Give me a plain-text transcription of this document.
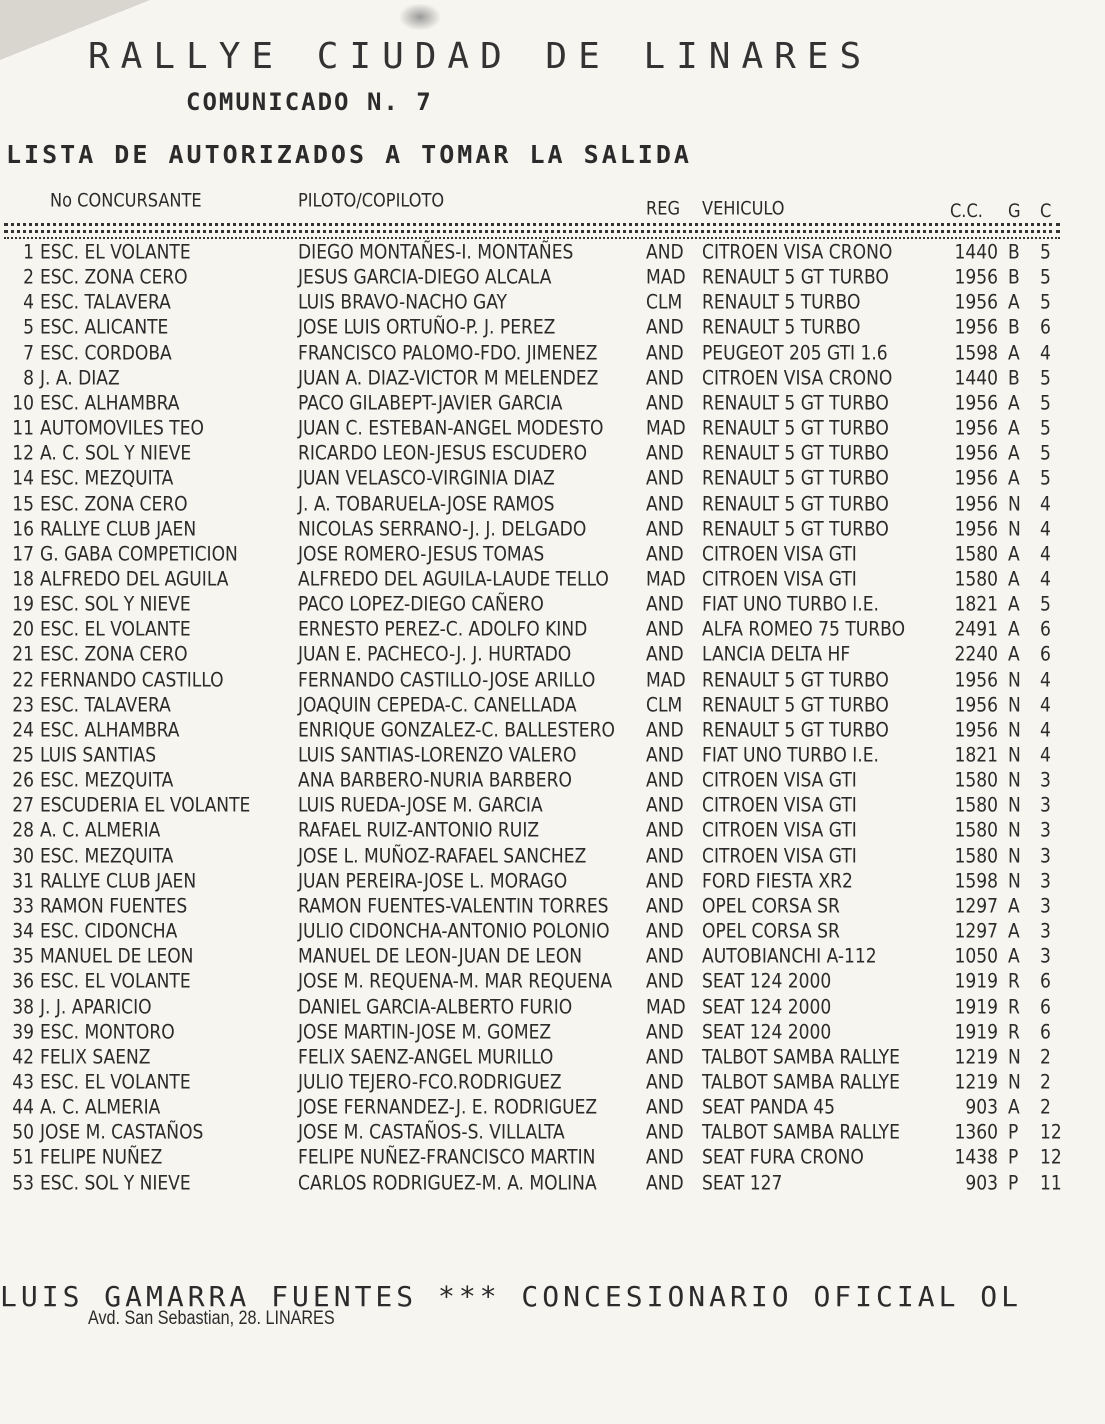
RALLYE CIUDAD DE LINARES
COMUNICADO N. 7
LISTA DE AUTORIZADOS A TOMAR LA SALIDA
No CONCURSANTE	PILOTO/COPILOTO	REG VEHICULO	C.C. G C
1 ESC. EL VOLANTE	DIEGO MONTAÑES-I. MONTAÑES	AND CITROEN VISA CRONO	1440 B 5
2 ESC. ZONA CERO	JESUS GARCIA-DIEGO ALCALA	MAD RENAULT 5 GT TURBO	1956 B 5
4 ESC. TALAVERA	LUIS BRAVO-NACHO GAY	CLM RENAULT 5 TURBO	1956 A 5
5 ESC. ALICANTE	JOSE LUIS ORTUÑO-P. J. PEREZ	AND RENAULT 5 TURBO	1956 B 6
7 ESC. CORDOBA	FRANCISCO PALOMO-FDO. JIMENEZ	AND PEUGEOT 205 GTI 1.6	1598 A 4
8 J. A. DIAZ	JUAN A. DIAZ-VICTOR M MELENDEZ	AND CITROEN VISA CRONO	1440 B 5
10 ESC. ALHAMBRA	PACO GILABEPT-JAVIER GARCIA	AND RENAULT 5 GT TURBO	1956 A 5
11 AUTOMOVILES TEO	JUAN C. ESTEBAN-ANGEL MODESTO MAD RENAULT 5 GT TURBO	1956 A 5
12 A. C. SOL Y NIEVE	RICARDO LEON-JESUS ESCUDERO	AND RENAULT 5 GT TURBO	1956 A 5
14 ESC. MEZQUITA	JUAN VELASCO-VIRGINIA DIAZ	AND RENAULT 5 GT TURBO	1956 A 5
15 ESC. ZONA CERO	J. A. TOBARUELA-JOSE RAMOS	AND RENAULT 5 GT TURBO	1956 N 4
16 RALLYE CLUB JAEN	NICOLAS SERRANO-J. J. DELGADO	AND RENAULT 5 GT TURBO	1956 N 4
17 G. GABA COMPETICION	JOSE ROMERO-JESUS TOMAS	AND CITROEN VISA GTI	1580 A 4
18 ALFREDO DEL AGUILA	ALFREDO DEL AGUILA-LAUDE TELLO MAD CITROEN VISA GTI	1580 A 4
19 ESC. SOL Y NIEVE	PACO LOPEZ-DIEGO CAÑERO	AND FIAT UNO TURBO I.E.	1821 A 5
20 ESC. EL VOLANTE	ERNESTO PEREZ-C. ADOLFO KIND	AND ALFA ROMEO 75 TURBO	2491 A 6
21 ESC. ZONA CERO	JUAN E. PACHECO-J. J. HURTADO	AND LANCIA DELTA HF	2240 A 6
22 FERNANDO CASTILLO	FERNANDO CASTILLO-JOSE ARILLO	MAD RENAULT 5 GT TURBO	1956 N 4
23 ESC. TALAVERA	JOAQUIN CEPEDA-C. CANELLADA	CLM RENAULT 5 GT TURBO	1956 N 4
24 ESC. ALHAMBRA	ENRIQUE GONZALEZ-C. BALLESTERO AND RENAULT 5 GT TURBO	1956 N 4
25 LUIS SANTIAS	LUIS SANTIAS-LORENZO VALERO	AND FIAT UNO TURBO I.E.	1821 N 4
26 ESC. MEZQUITA	ANA BARBERO-NURIA BARBERO	AND CITROEN VISA GTI	1580 N 3
27 ESCUDERIA EL VOLANTE	LUIS RUEDA-JOSE M. GARCIA	AND CITROEN VISA GTI	1580 N 3
28 A. C. ALMERIA	RAFAEL RUIZ-ANTONIO RUIZ	AND CITROEN VISA GTI	1580 N 3
30 ESC. MEZQUITA	JOSE L. MUÑOZ-RAFAEL SANCHEZ	AND CITROEN VISA GTI	1580 N 3
31 RALLYE CLUB JAEN	JUAN PEREIRA-JOSE L. MORAGO	AND FORD FIESTA XR2	1598 N 3
33 RAMON FUENTES	RAMON FUENTES-VALENTIN TORRES AND OPEL CORSA SR	1297 A 3
34 ESC. CIDONCHA	JULIO CIDONCHA-ANTONIO POLONIO AND OPEL CORSA SR	1297 A 3
35 MANUEL DE LEON	MANUEL DE LEON-JUAN DE LEON	AND AUTOBIANCHI A-112	1050 A 3
36 ESC. EL VOLANTE	JOSE M. REQUENA-M. MAR REQUENA AND SEAT 124 2000	1919 R 6
38 J. J. APARICIO	DANIEL GARCIA-ALBERTO FURIO	MAD SEAT 124 2000	1919 R 6
39 ESC. MONTORO	JOSE MARTIN-JOSE M. GOMEZ	AND SEAT 124 2000	1919 R 6
42 FELIX SAENZ	FELIX SAENZ-ANGEL MURILLO	AND TALBOT SAMBA RALLYE	1219 N 2
43 ESC. EL VOLANTE	JULIO TEJERO-FCO.RODRIGUEZ	AND TALBOT SAMBA RALLYE	1219 N 2
44 A. C. ALMERIA	JOSE FERNANDEZ-J. E. RODRIGUEZ	AND SEAT PANDA 45	903 A 2
50 JOSE M. CASTAÑOS	JOSE M. CASTAÑOS-S. VILLALTA	AND TALBOT SAMBA RALLYE	1360 P 12
51 FELIPE NUÑEZ	FELIPE NUÑEZ-FRANCISCO MARTIN	AND SEAT FURA CRONO	1438 P 12
53 ESC. SOL Y NIEVE	CARLOS RODRIGUEZ-M. A. MOLINA	AND SEAT 127	903 P 11
LUIS GAMARRA FUENTES *** CONCESIONARIO OFICIAL OL
Avd. San Sebastian, 28. LINARES
